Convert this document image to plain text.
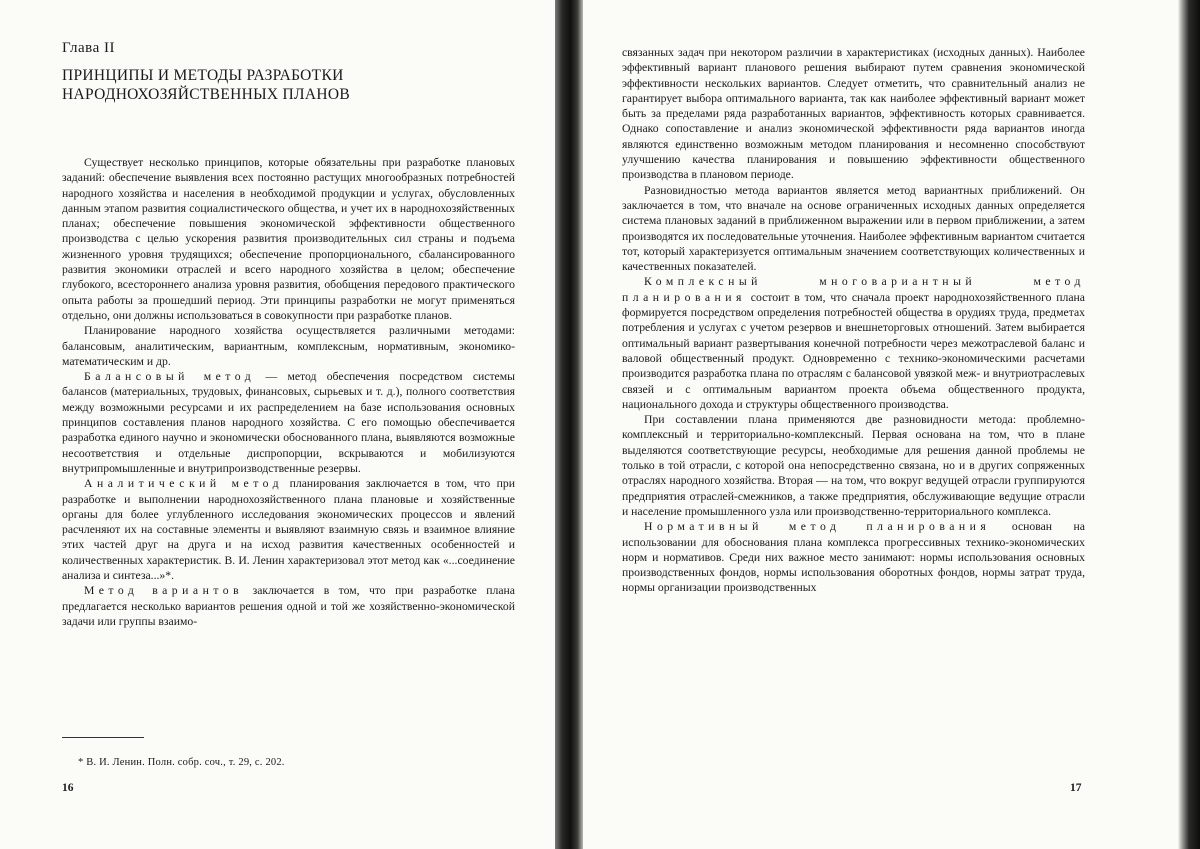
Глава II
ПРИНЦИПЫ И МЕТОДЫ РАЗРАБОТКИ
НАРОДНОХОЗЯЙСТВЕННЫХ ПЛАНОВ

Существует несколько принципов, которые обязательны при разработке плановых заданий: обеспечение выявления всех постоянно растущих многообразных потребностей народного хозяйства и населения в необходимой продукции и услугах, обусловленных данным этапом развития социалистического общества, и учет их в народнохозяйственных планах; обеспечение повышения экономической эффективности общественного производства с целью ускорения развития производительных сил страны и подъема жизненного уровня трудящихся; обеспечение пропорционального, сбалансированного развития экономики отраслей и всего народного хозяйства в целом; обеспечение глубокого, всестороннего анализа уровня развития, обобщения передового практического опыта работы за прошедший период. Эти принципы разработки не могут применяться отдельно, они должны использоваться в совокупности при разработке планов.

Планирование народного хозяйства осуществляется различными методами: балансовым, аналитическим, вариантным, комплексным, нормативным, экономико-математическим и др.

Балансовый метод — метод обеспечения посредством системы балансов (материальных, трудовых, финансовых, сырьевых и т. д.), полного соответствия между возможными ресурсами и их распределением на базе использования основных принципов составления планов народного хозяйства. С его помощью обеспечивается разработка единого научно и экономически обоснованного плана, выявляются возможные несоответствия и отдельные диспропорции, вскрываются и мобилизуются внутрипромышленные и внутрипроизводственные резервы.

Аналитический метод планирования заключается в том, что при разработке и выполнении народнохозяйственного плана плановые и хозяйственные органы для более углубленного исследования экономических процессов и явлений расчленяют их на составные элементы и выявляют взаимную связь и взаимное влияние этих частей друг на друга и на исход развития качественных особенностей и количественных характеристик. В. И. Ленин характеризовал этот метод как «...соединение анализа и синтеза...»*.

Метод вариантов заключается в том, что при разработке плана предлагается несколько вариантов решения одной и той же хозяйственно-экономической задачи или группы взаимо-

* В. И. Ленин. Полн. собр. соч., т. 29, с. 202.
16

связанных задач при некотором различии в характеристиках (исходных данных). Наиболее эффективный вариант планового решения выбирают путем сравнения экономической эффективности нескольких вариантов. Следует отметить, что сравнительный анализ не гарантирует выбора оптимального варианта, так как наиболее эффективный вариант может быть за пределами ряда разработанных вариантов, эффективность которых сравнивается. Однако сопоставление и анализ экономической эффективности ряда вариантов иногда являются единственно возможным методом планирования и несомненно способствуют улучшению качества планирования и повышению эффективности общественного производства в плановом периоде.

Разновидностью метода вариантов является метод вариантных приближений. Он заключается в том, что вначале на основе ограниченных исходных данных определяется система плановых заданий в приближенном выражении или в первом приближении, а затем производятся их последовательные уточнения. Наиболее эффективным вариантом считается тот, который характеризуется оптимальным значением соответствующих количественных и качественных показателей.

Комплексный многовариантный метод планирования состоит в том, что сначала проект народнохозяйственного плана формируется посредством определения потребностей общества в орудиях труда, предметах потребления и услугах с учетом резервов и внешнеторговых отношений. Затем выбирается оптимальный вариант развертывания конечной потребности через межотраслевой баланс и валовой общественный продукт. Одновременно с технико-экономическими расчетами производится разработка плана по отраслям с балансовой увязкой меж- и внутриотраслевых связей и с оптимальным вариантом проекта объема общественного продукта, национального дохода и структуры общественного производства.

При составлении плана применяются две разновидности метода: проблемно-комплексный и территориально-комплексный. Первая основана на том, что в плане выделяются соответствующие ресурсы, необходимые для решения данной проблемы не только в той отрасли, с которой она непосредственно связана, но и в других сопряженных отраслях народного хозяйства. Вторая — на том, что вокруг ведущей отрасли группируются предприятия отраслей-смежников, а также предприятия, обслуживающие ведущие отрасли и население промышленного узла или производственно-территориального комплекса.

Нормативный метод планирования основан на использовании для обоснования плана комплекса прогрессивных технико-экономических норм и нормативов. Среди них важное место занимают: нормы использования основных производственных фондов, нормы использования оборотных фондов, нормы затрат труда, нормы организации производственных

17
